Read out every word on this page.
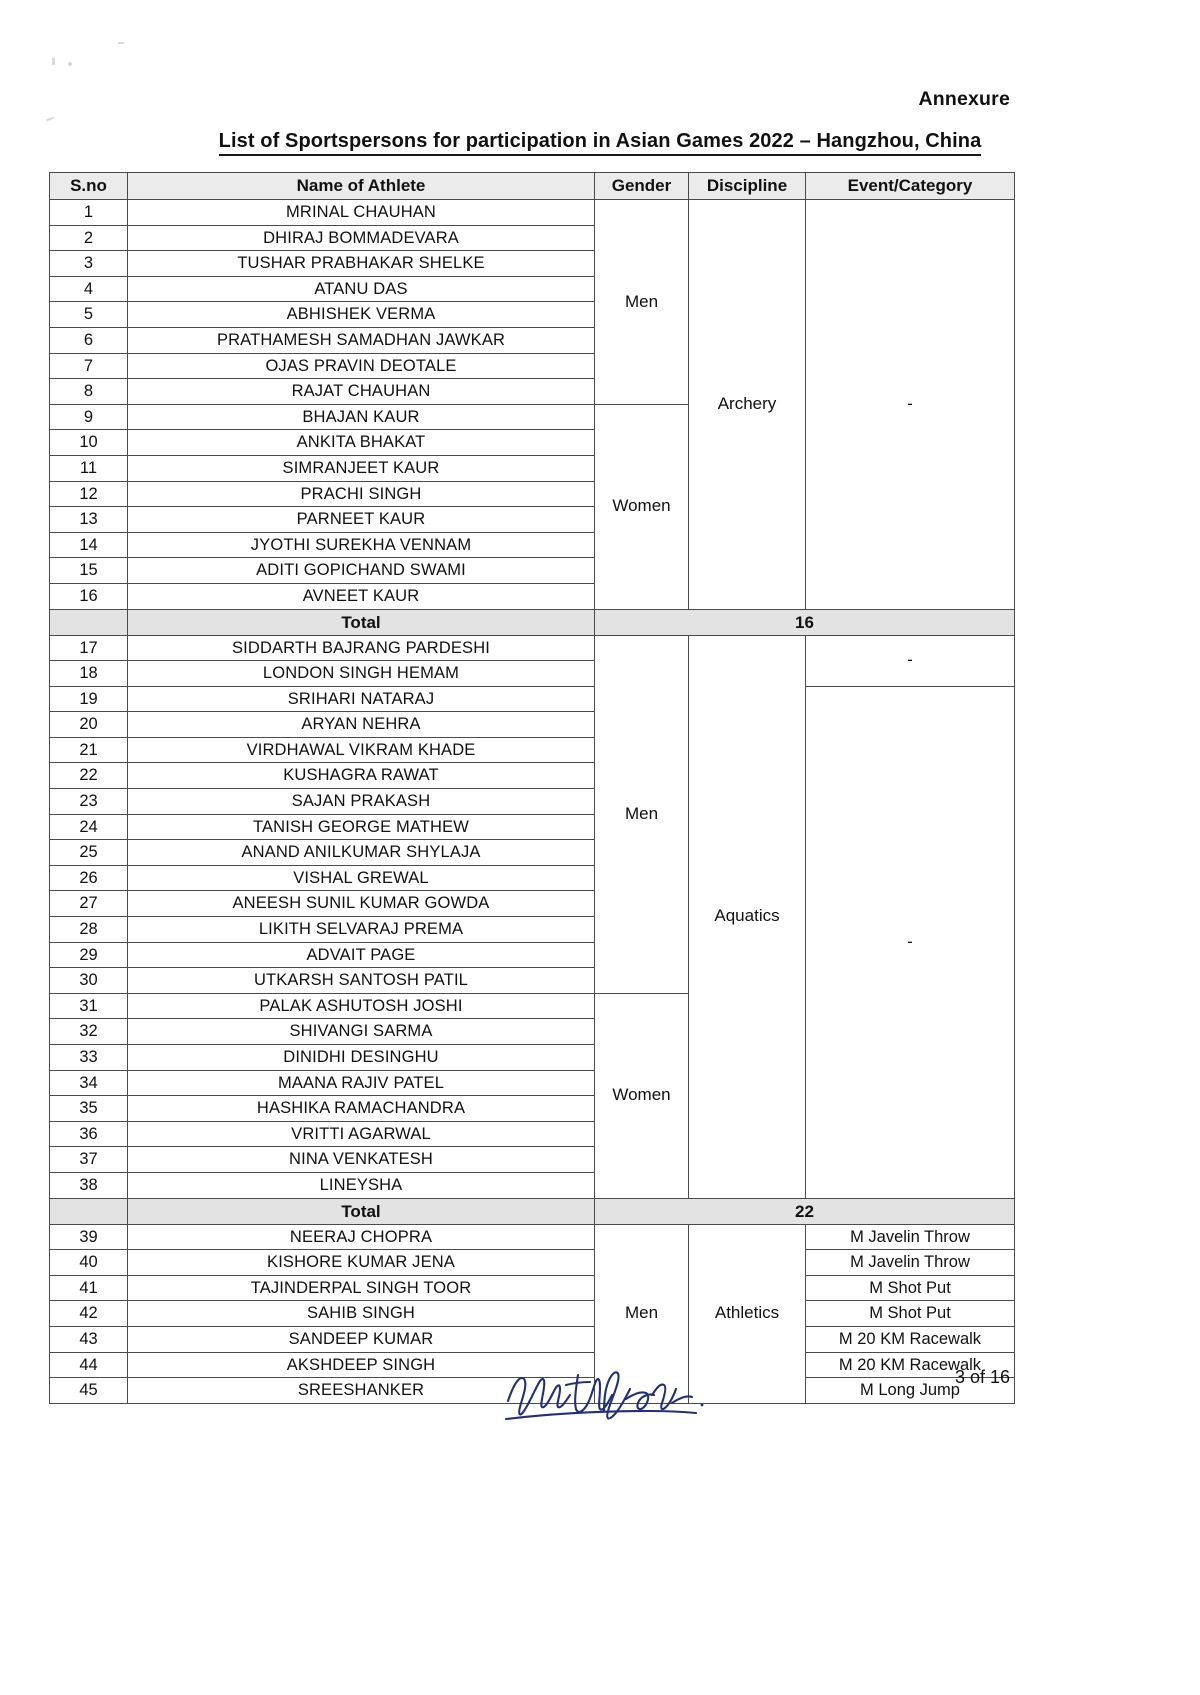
Annexure
List of Sportspersons for participation in Asian Games 2022 – Hangzhou, China
S.no	Name of Athlete	Gender	Discipline	Event/Category
1	MRINAL CHAUHAN	Men	Archery	-
2	DHIRAJ BOMMADEVARA			
3	TUSHAR PRABHAKAR SHELKE			
4	ATANU DAS			
5	ABHISHEK VERMA			
6	PRATHAMESH SAMADHAN JAWKAR			
7	OJAS PRAVIN DEOTALE			
8	RAJAT CHAUHAN			
9	BHAJAN KAUR	Women		
10	ANKITA BHAKAT			
11	SIMRANJEET KAUR			
12	PRACHI SINGH			
13	PARNEET KAUR			
14	JYOTHI SUREKHA VENNAM			
15	ADITI GOPICHAND SWAMI			
16	AVNEET KAUR			
	Total	16		
17	SIDDARTH BAJRANG PARDESHI	Men	Aquatics	-
18	LONDON SINGH HEMAM			
19	SRIHARI NATARAJ			-
20	ARYAN NEHRA			
21	VIRDHAWAL VIKRAM KHADE			
22	KUSHAGRA RAWAT			
23	SAJAN PRAKASH			
24	TANISH GEORGE MATHEW			
25	ANAND ANILKUMAR SHYLAJA			
26	VISHAL GREWAL			
27	ANEESH SUNIL KUMAR GOWDA			
28	LIKITH SELVARAJ PREMA			
29	ADVAIT PAGE			
30	UTKARSH SANTOSH PATIL			
31	PALAK ASHUTOSH JOSHI	Women		
32	SHIVANGI SARMA			
33	DINIDHI DESINGHU			
34	MAANA RAJIV PATEL			
35	HASHIKA RAMACHANDRA			
36	VRITTI AGARWAL			
37	NINA VENKATESH			
38	LINEYSHA			
	Total	22		
39	NEERAJ CHOPRA	Men	Athletics	M Javelin Throw
40	KISHORE KUMAR JENA			M Javelin Throw
41	TAJINDERPAL SINGH TOOR			M Shot Put
42	SAHIB SINGH			M Shot Put
43	SANDEEP KUMAR			M 20 KM Racewalk
44	AKSHDEEP SINGH			M 20 KM Racewalk
45	SREESHANKER			M Long Jump
3 of 16
